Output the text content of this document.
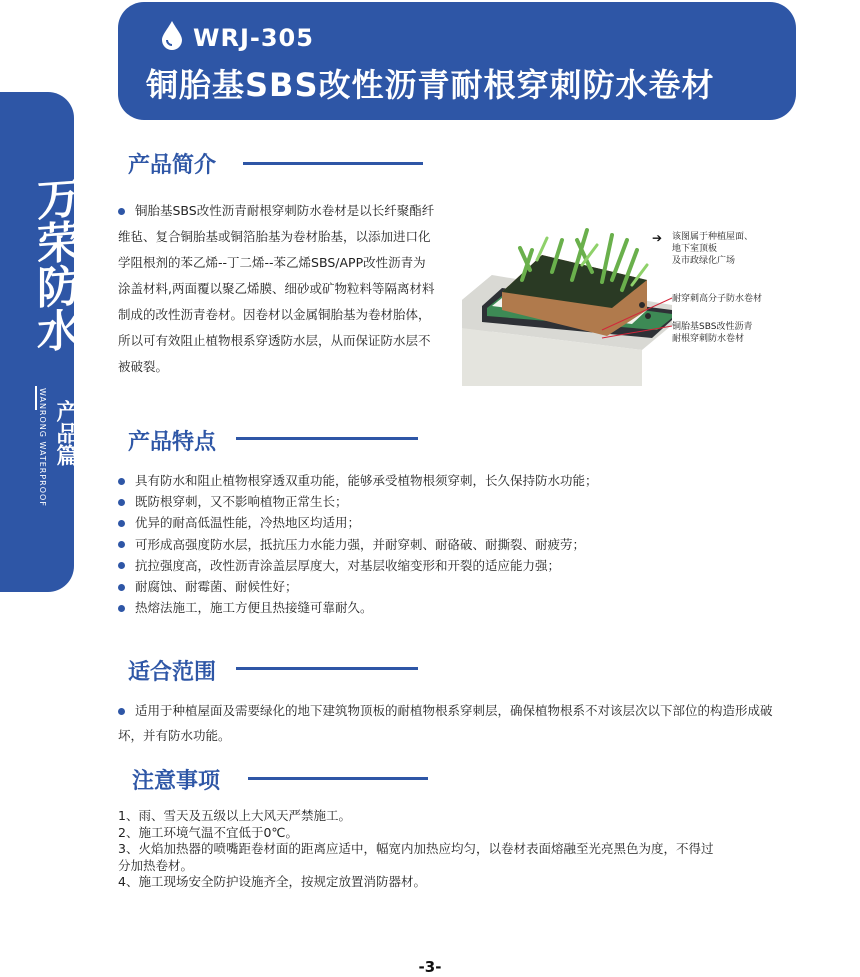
WRJ-305
铜胎基SBS改性沥青耐根穿刺防水卷材
万荣防水
WANRONG WATERPROOF 产品篇
产品简介
铜胎基SBS改性沥青耐根穿刺防水卷材是以长纤聚酯纤维毡、复合铜胎基或铜箔胎基为卷材胎基，以添加进口化学阻根剂的苯乙烯--丁二烯--苯乙烯SBS/APP改性沥青为涂盖材料,两面覆以聚乙烯膜、细砂或矿物粒料等隔离材料制成的改性沥青卷材。因卷材以金属铜胎基为卷材胎体，所以可有效阻止植物根系穿透防水层，从而保证防水层不被破裂。
➔ 该图属于种植屋面、
地下室顶板
及市政绿化广场
耐穿刺高分子防水卷材
铜胎基SBS改性沥青
耐根穿刺防水卷材
产品特点
具有防水和阻止植物根穿透双重功能，能够承受植物根须穿刺，长久保持防水功能；
既防根穿刺，又不影响植物正常生长；
优异的耐高低温性能，冷热地区均适用；
可形成高强度防水层，抵抗压力水能力强，并耐穿刺、耐硌破、耐撕裂、耐疲劳；
抗拉强度高，改性沥青涂盖层厚度大，对基层收缩变形和开裂的适应能力强；
耐腐蚀、耐霉菌、耐候性好；
热熔法施工，施工方便且热接缝可靠耐久。
适合范围
适用于种植屋面及需要绿化的地下建筑物顶板的耐植物根系穿刺层，确保植物根系不对该层次以下部位的构造形成破坏，并有防水功能。
注意事项

1、雨、雪天及五级以上大风天严禁施工。

2、施工环境气温不宜低于0℃。

3、火焰加热器的喷嘴距卷材面的距离应适中，幅宽内加热应均匀，以卷材表面熔融至光亮黑色为度，不得过分加热卷材。

4、施工现场安全防护设施齐全，按规定放置消防器材。

-3-
